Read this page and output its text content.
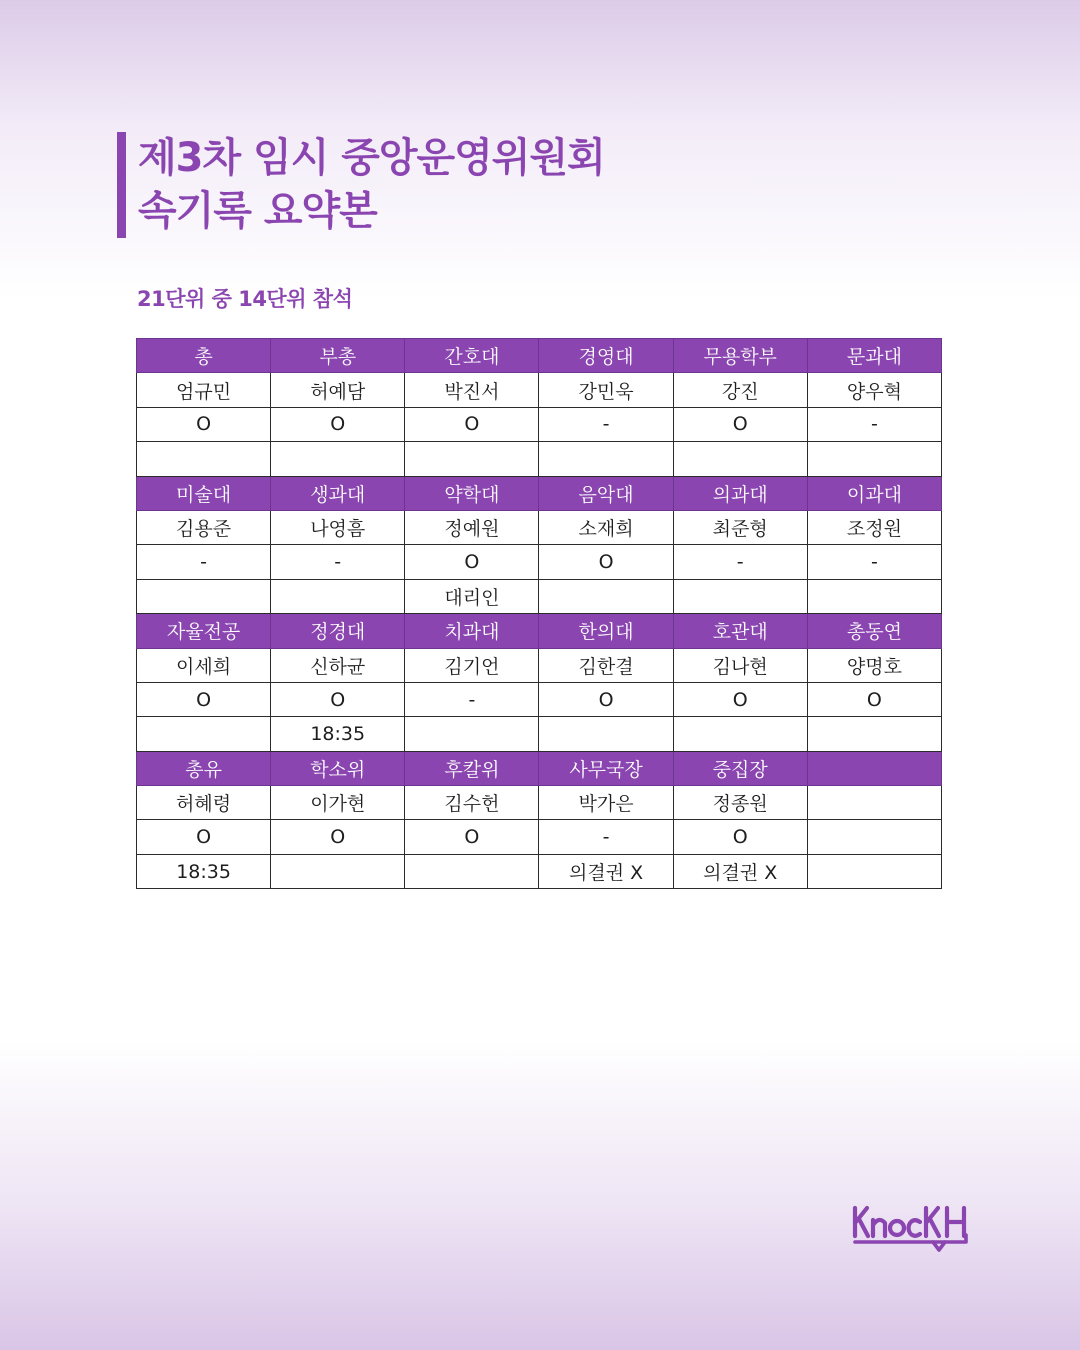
제3차 임시 중앙운영위원회
속기록 요약본
21단위 중 14단위 참석
총	부총	간호대	경영대	무용학부	문과대
엄규민	허예담	박진서	강민욱	강진	양우혁
O	O	O	-	O	-

미술대	생과대	약학대	음악대	의과대	이과대
김용준	나영흠	정예원	소재희	최준형	조정원
-	-	O	O	-	-
		대리인			
자율전공	정경대	치과대	한의대	호관대	총동연
이세희	신하균	김기언	김한결	김나현	양명호
O	O	-	O	O	O
	18:35				
총유	학소위	후칼위	사무국장	중집장	
허혜령	이가현	김수헌	박가은	정종원	
O	O	O	-	O	
18:35			의결권 X	의결권 X	
